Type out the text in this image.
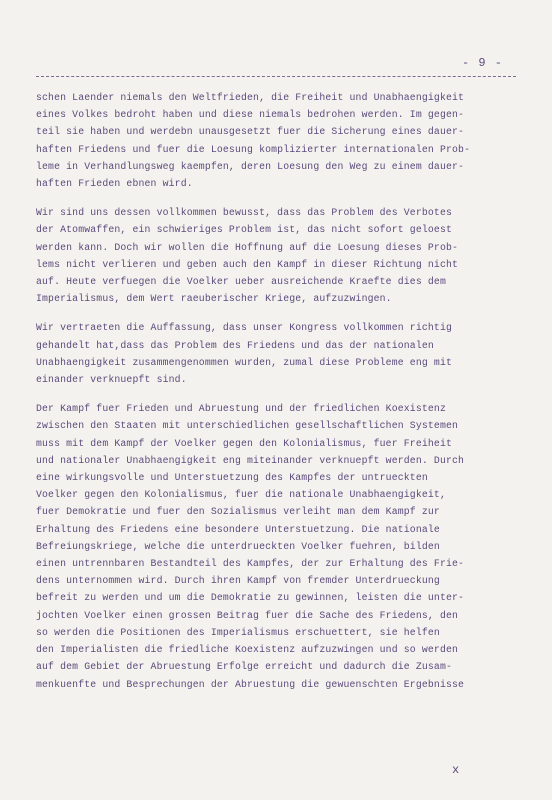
- 9 -
schen Laender niemals den Weltfrieden, die Freiheit und Unabhaengigkeit
eines Volkes bedroht haben und diese niemals bedrohen werden. Im gegen-
teil sie haben und werdebn unausgesetzt fuer die Sicherung eines dauer-
haften Friedens und fuer die Loesung komplizierter internationalen Prob-
leme in Verhandlungsweg kaempfen, deren Loesung den Weg zu einem dauer-
haften Frieden ebnen wird.
Wir sind uns dessen vollkommen bewusst, dass das Problem des Verbotes
der Atomwaffen, ein schwieriges Problem ist, das nicht sofort geloest
werden kann. Doch wir wollen die Hoffnung auf die Loesung dieses Prob-
lems nicht verlieren und geben auch den Kampf in dieser Richtung nicht
auf. Heute verfuegen die Voelker ueber ausreichende Kraefte dies dem
Imperialismus, dem Wert raeuberischer Kriege, aufzuzwingen.
Wir vertraeten die Auffassung, dass unser Kongress vollkommen richtig
gehandelt hat,dass das Problem des Friedens und das der nationalen
Unabhaengigkeit zusammengenommen wurden, zumal diese Probleme eng mit
einander verknuepft sind.
Der Kampf fuer Frieden und Abruestung und der friedlichen Koexistenz
zwischen den Staaten mit unterschiedlichen gesellschaftlichen Systemen
muss mit dem Kampf der Voelker gegen den Kolonialismus, fuer Freiheit
und nationaler Unabhaengigkeit eng miteinander verknuepft werden. Durch
eine wirkungsvolle und Unterstuetzung des Kampfes der untrueckten
Voelker gegen den Kolonialismus, fuer die nationale Unabhaengigkeit,
fuer Demokratie und fuer den Sozialismus verleiht man dem Kampf zur
Erhaltung des Friedens eine besondere Unterstuetzung. Die nationale
Befreiungskriege, welche die unterdrueckten Voelker fuehren, bilden
einen untrennbaren Bestandteil des Kampfes, der zur Erhaltung des Frie-
dens unternommen wird. Durch ihren Kampf von fremder Unterdrueckung
befreit zu werden und um die Demokratie zu gewinnen, leisten die unter-
jochten Voelker einen grossen Beitrag fuer die Sache des Friedens, den
so werden die Positionen des Imperialismus erschuettert, sie helfen
den Imperialisten die friedliche Koexistenz aufzuzwingen und so werden
auf dem Gebiet der Abruestung Erfolge erreicht und dadurch die Zusam-
menkuenfte und Besprechungen der Abruestung die gewuenschten Ergebnisse
x
